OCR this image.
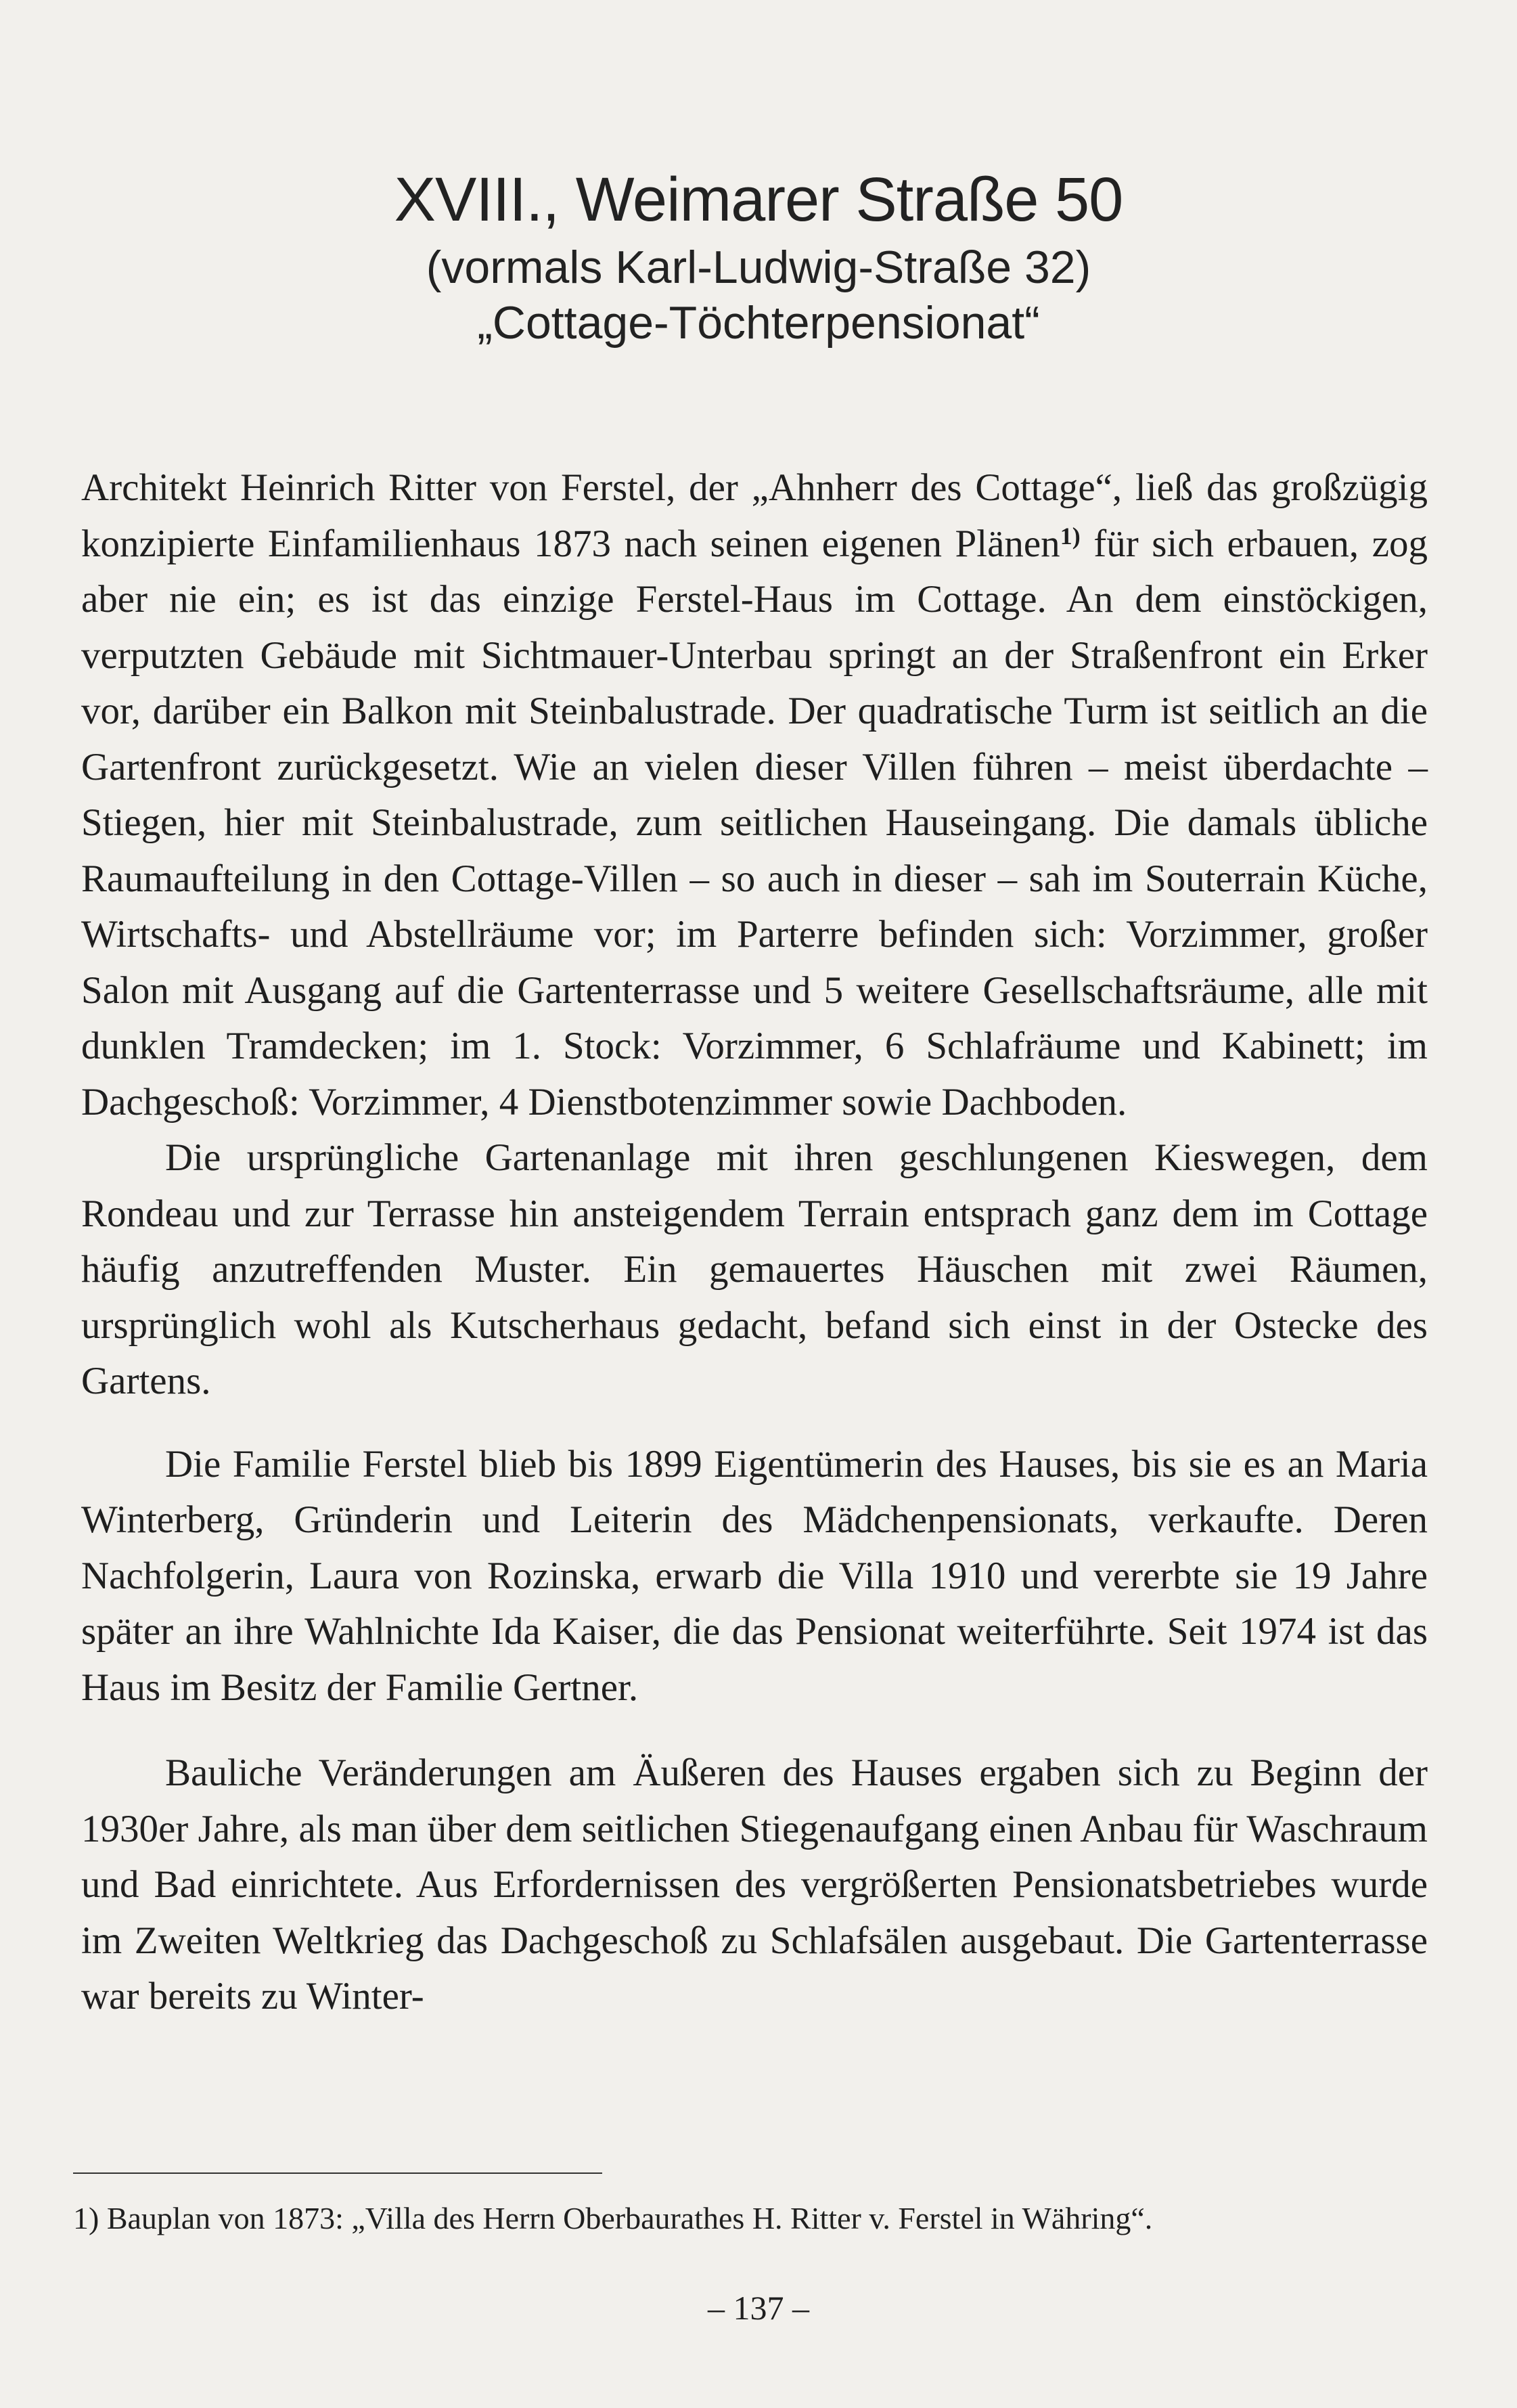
XVIII., Weimarer Straße 50
(vormals Karl-Ludwig-Straße 32)
„Cottage-Töchterpensionat“

Architekt Heinrich Ritter von Ferstel, der „Ahnherr des Cottage“, ließ das großzügig konzipierte Einfamilienhaus 1873 nach seinen eigenen Plänen$^{1)}$ für sich erbauen, zog aber nie ein; es ist das einzige Ferstel-Haus im Cottage. An dem einstöckigen, verputzten Gebäude mit Sichtmauer-Unterbau springt an der Straßenfront ein Erker vor, darüber ein Balkon mit Steinbalustrade. Der quadratische Turm ist seitlich an die Gartenfront zurückgesetzt. Wie an vielen dieser Villen führen – meist überdachte – Stiegen, hier mit Steinbalustrade, zum seitlichen Hauseingang. Die damals übliche Raumaufteilung in den Cottage-Villen – so auch in dieser – sah im Souterrain Küche, Wirtschafts- und Abstellräume vor; im Parterre befinden sich: Vorzimmer, großer Salon mit Ausgang auf die Gartenterrasse und 5 weitere Gesellschaftsräume, alle mit dunklen Tramdecken; im 1. Stock: Vorzimmer, 6 Schlafräume und Kabinett; im Dachgeschoß: Vorzimmer, 4 Dienstbotenzimmer sowie Dachboden.

Die ursprüngliche Gartenanlage mit ihren geschlungenen Kieswegen, dem Rondeau und zur Terrasse hin ansteigendem Terrain entsprach ganz dem im Cottage häufig anzutreffenden Muster. Ein gemauertes Häuschen mit zwei Räumen, ursprünglich wohl als Kutscherhaus gedacht, befand sich einst in der Ostecke des Gartens.

Die Familie Ferstel blieb bis 1899 Eigentümerin des Hauses, bis sie es an Maria Winterberg, Gründerin und Leiterin des Mädchenpensionats, verkaufte. Deren Nachfolgerin, Laura von Rozinska, erwarb die Villa 1910 und vererbte sie 19 Jahre später an ihre Wahlnichte Ida Kaiser, die das Pensionat weiterführte. Seit 1974 ist das Haus im Besitz der Familie Gertner.

Bauliche Veränderungen am Äußeren des Hauses ergaben sich zu Beginn der 1930er Jahre, als man über dem seitlichen Stiegenaufgang einen Anbau für Waschraum und Bad einrichtete. Aus Erfordernissen des vergrößerten Pensionatsbetriebes wurde im Zweiten Weltkrieg das Dachgeschoß zu Schlafsälen ausgebaut. Die Gartenterrasse war bereits zu Winter-

1) Bauplan von 1873: „Villa des Herrn Oberbaurathes H. Ritter v. Ferstel in Währing“.
– 137 –
